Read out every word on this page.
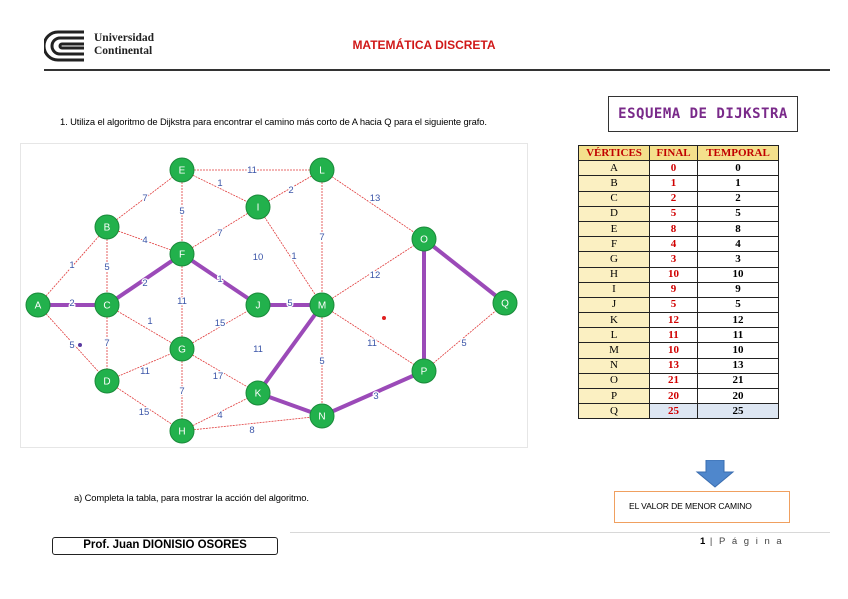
Universidad
Continental	MATEMÁTICA DISCRETA
1. Utiliza el algoritmo de Dijkstra para encontrar el camino más corto de A hacia Q para el siguiente grafo.	ESQUEMA DE DIJKSTRA
1
2
5
5
7
4
7
2
1
11
15
11
5
1
11
7
1
15
7
17
4
8
2
1
5
7
13
5
12
11
3
5
10
11
A
B
C
D
E
F
G
H
I
J
K
L
M
N
O
P
Q
VÉRTICES	FINAL	TEMPORAL
A	0	0
B	1	1
C	2	2
D	5	5
E	8	8
F	4	4
G	3	3
H	10	10
I	9	9
J	5	5
K	12	12
L	11	11
M	10	10
N	13	13
O	21	21
P	20	20
Q	25	25
EL VALOR DE MENOR CAMINO
a) Completa la tabla, para mostrar la acción del algoritmo.
Prof. Juan DIONISIO OSORES	1 | P á g i n a
